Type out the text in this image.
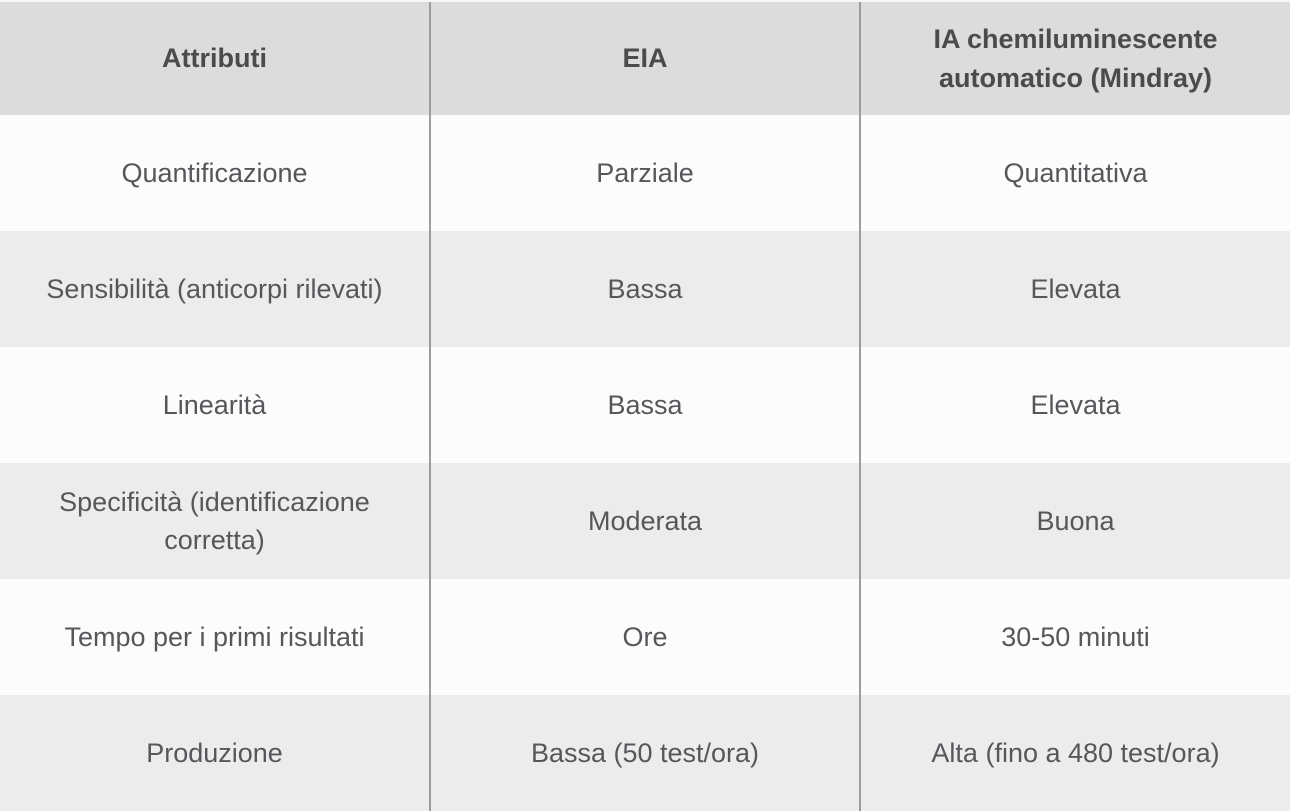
Attributi	EIA	IA chemiluminescente automatico (Mindray)
Quantificazione	Parziale	Quantitativa
Sensibilità (anticorpi rilevati)	Bassa	Elevata
Linearità	Bassa	Elevata
Specificità (identificazione corretta)	Moderata	Buona
Tempo per i primi risultati	Ore	30-50 minuti
Produzione	Bassa (50 test/ora)	Alta (fino a 480 test/ora)
